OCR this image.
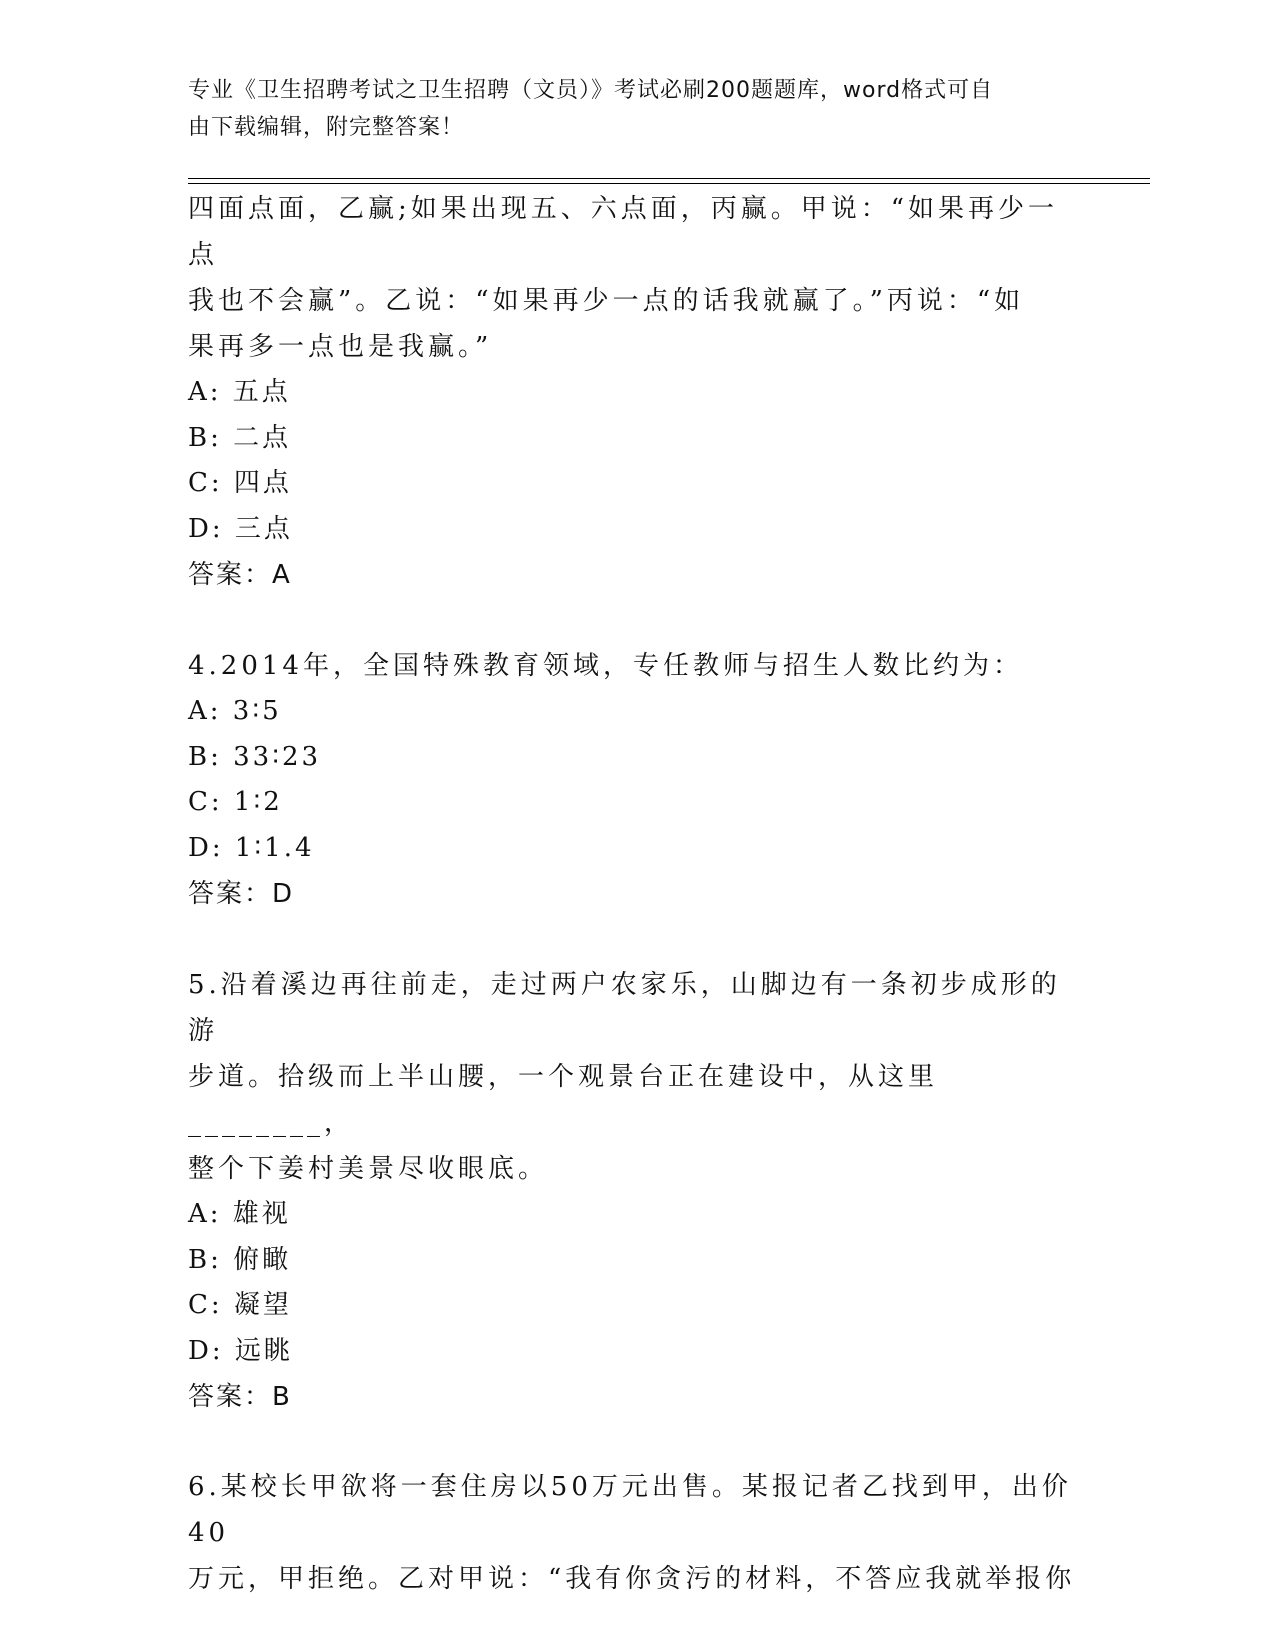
专业《卫生招聘考试之卫生招聘（文员）》考试必刷200题题库，word格式可自
由下载编辑，附完整答案！

四面点面，乙赢;如果出现五、六点面，丙赢。甲说：“如果再少一点

我也不会赢”。乙说：“如果再少一点的话我就赢了。”丙说：“如

果再多一点也是我赢。”

A: 五点

B: 二点

C: 四点

D: 三点

答案：A

4.2014年，全国特殊教育领域，专任教师与招生人数比约为：

A: 3∶5

B: 33∶23

C: 1∶2

D: 1∶1.4

答案：D

5.沿着溪边再往前走，走过两户农家乐，山脚边有一条初步成形的游

步道。拾级而上半山腰，一个观景台正在建设中，从这里________，

整个下姜村美景尽收眼底。

A: 雄视

B: 俯瞰

C: 凝望

D: 远眺

答案：B

6.某校长甲欲将一套住房以50万元出售。某报记者乙找到甲，出价40

万元，甲拒绝。乙对甲说：“我有你贪污的材料，不答应我就举报你
